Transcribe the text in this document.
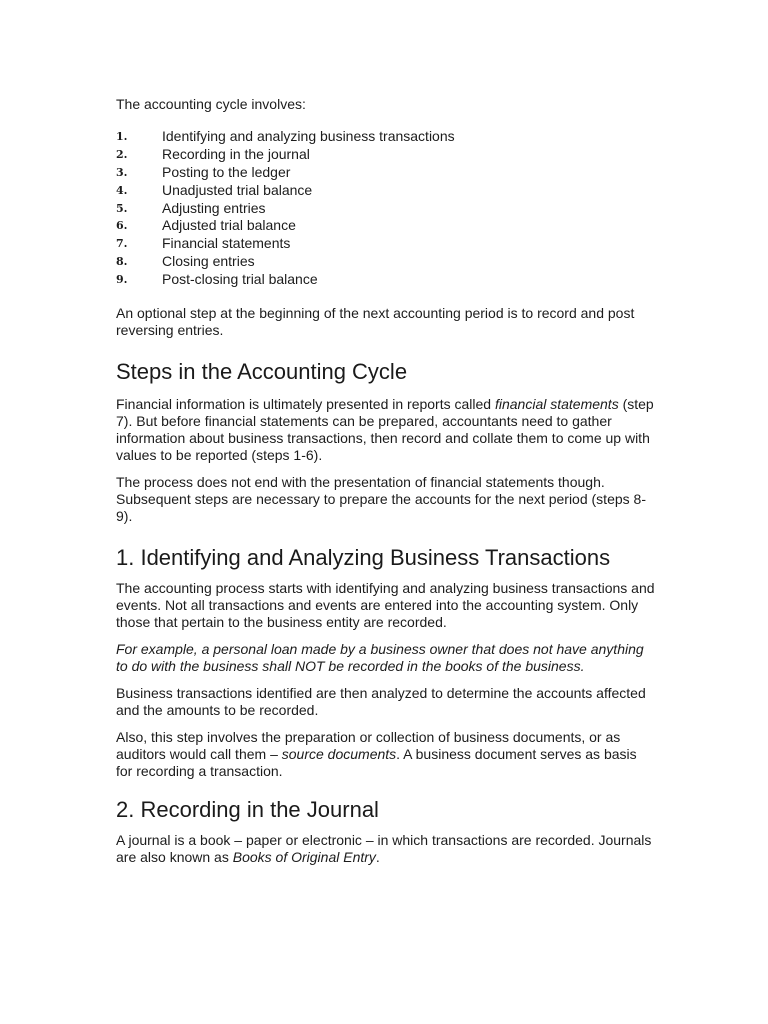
The accounting cycle involves:

1.	Identifying and analyzing business transactions
2.	Recording in the journal
3.	Posting to the ledger
4.	Unadjusted trial balance
5.	Adjusting entries
6.	Adjusted trial balance
7.	Financial statements
8.	Closing entries
9.	Post-closing trial balance

An optional step at the beginning of the next accounting period is to record and post reversing entries.

Steps in the Accounting Cycle

Financial information is ultimately presented in reports called financial statements (step 7). But before financial statements can be prepared, accountants need to gather information about business transactions, then record and collate them to come up with values to be reported (steps 1-6).

The process does not end with the presentation of financial statements though. Subsequent steps are necessary to prepare the accounts for the next period (steps 8-9).

1. Identifying and Analyzing Business Transactions

The accounting process starts with identifying and analyzing business transactions and events. Not all transactions and events are entered into the accounting system. Only those that pertain to the business entity are recorded.

For example, a personal loan made by a business owner that does not have anything to do with the business shall NOT be recorded in the books of the business.

Business transactions identified are then analyzed to determine the accounts affected and the amounts to be recorded.

Also, this step involves the preparation or collection of business documents, or as auditors would call them – source documents. A business document serves as basis for recording a transaction.

2. Recording in the Journal

A journal is a book – paper or electronic – in which transactions are recorded. Journals are also known as Books of Original Entry.
